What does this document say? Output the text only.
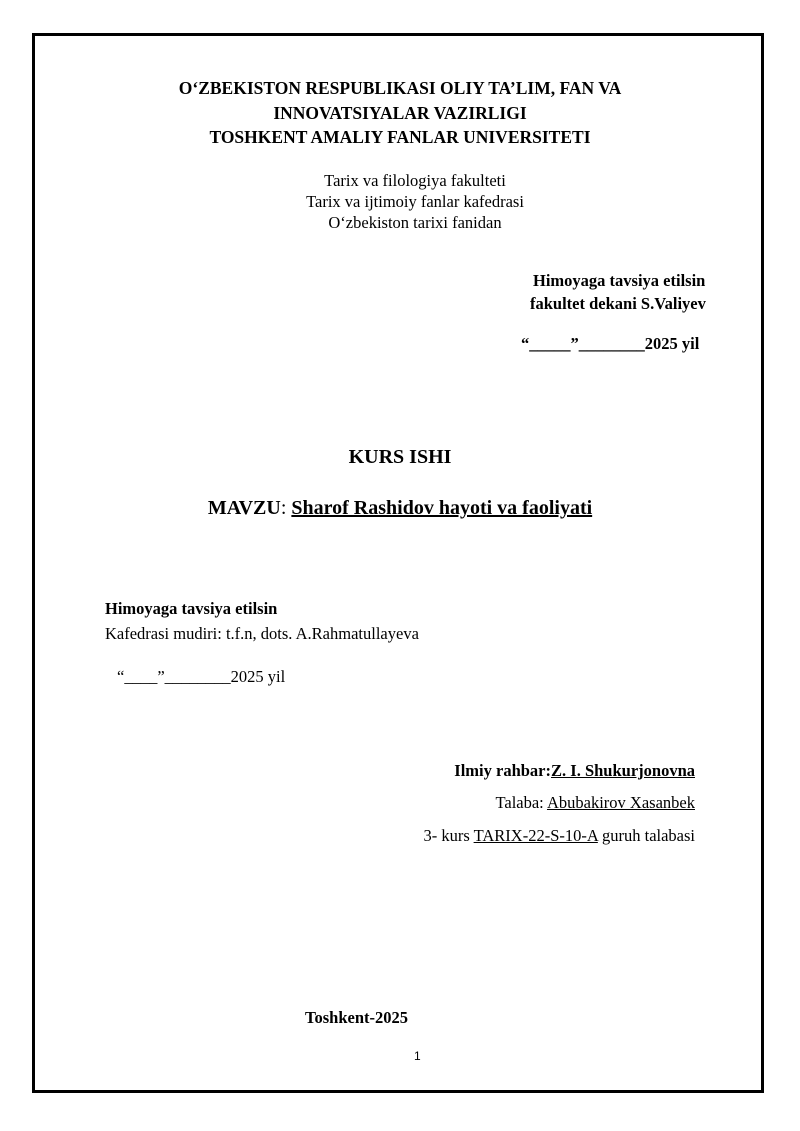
O‘ZBEKISTON RESPUBLIKASI OLIY TA’LIM, FAN VA
INNOVATSIYALAR VAZIRLIGI
TOSHKENT AMALIY FANLAR UNIVERSITETI
Tarix va filologiya fakulteti
Tarix va ijtimoiy fanlar kafedrasi
O‘zbekiston tarixi fanidan
Himoyaga tavsiya etilsin
fakultet dekani S.Valiyev
“_____”________2025 yil
KURS ISHI
MAVZU: Sharof Rashidov hayoti va faoliyati
Himoyaga tavsiya etilsin
Kafedrasi mudiri: t.f.n, dots. A.Rahmatullayeva
“____”________2025 yil
Ilmiy rahbar:Z. I. Shukurjonovna
Talaba: Abubakirov Xasanbek
3- kurs TARIX-22-S-10-A guruh talabasi
Toshkent-2025
1
